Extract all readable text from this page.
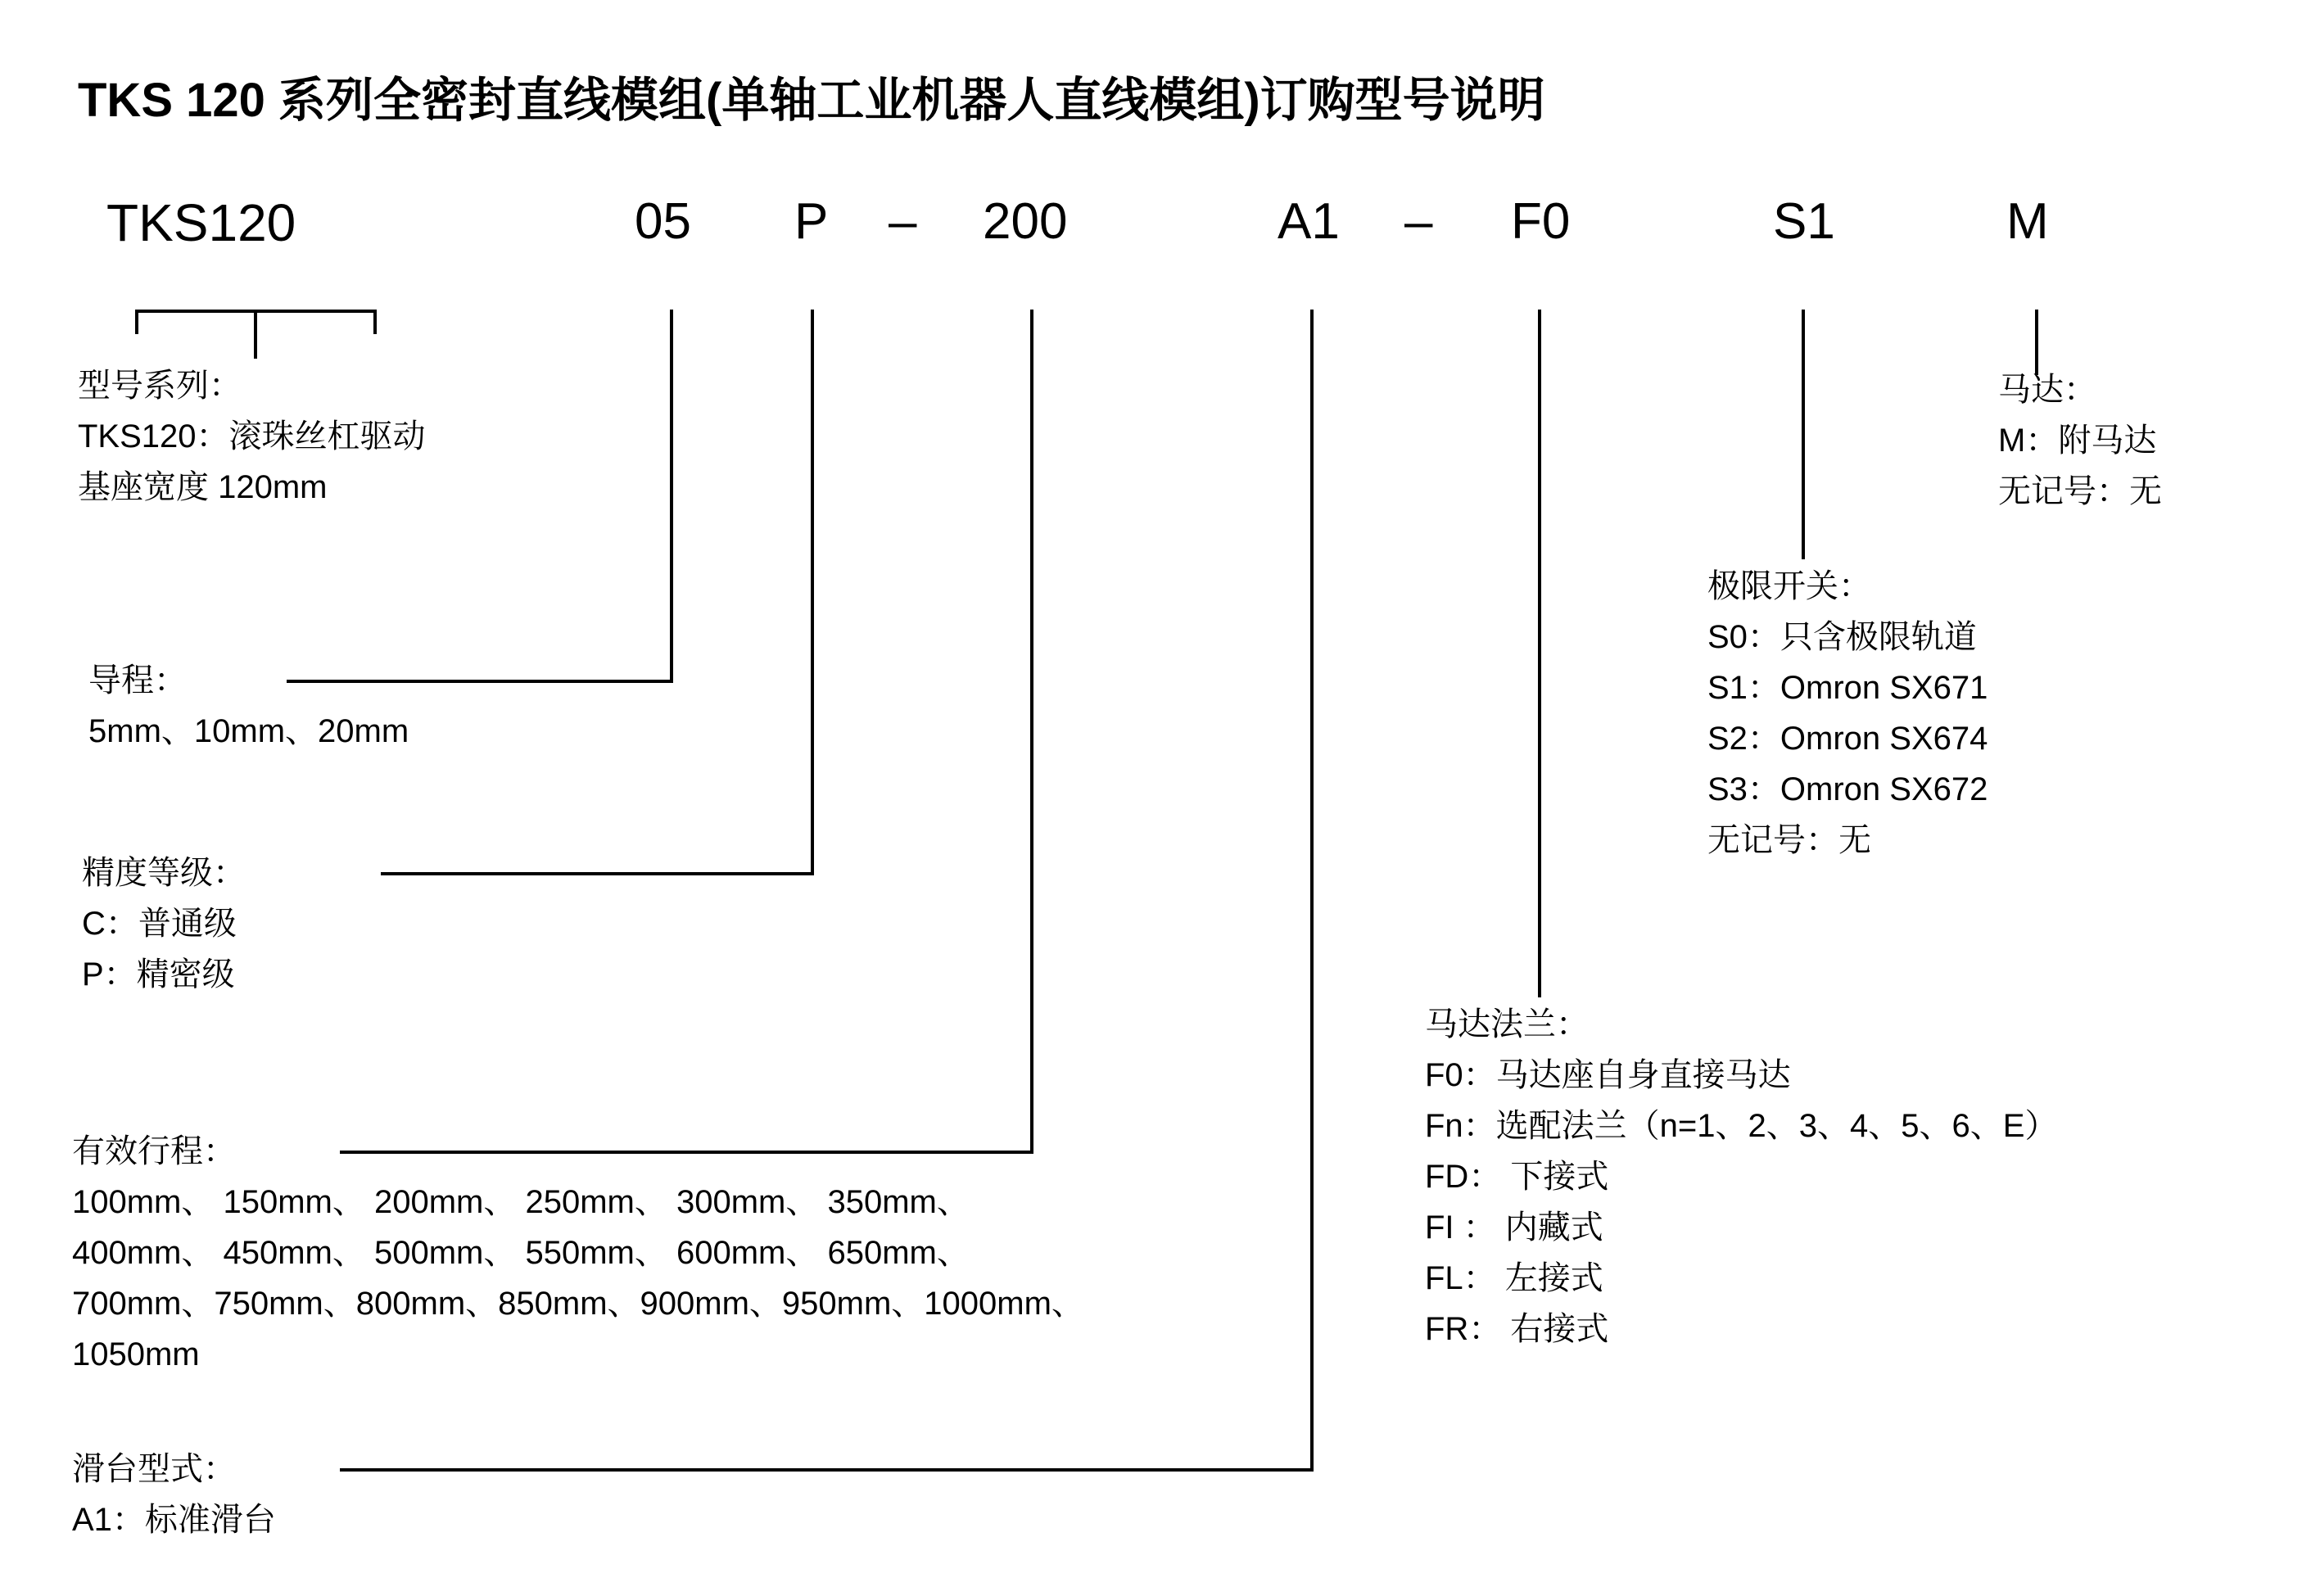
TKS 120 系列全密封直线模组(单轴工业机器人直线模组)订购型号说明
TKS120	05 P – 200	A1 – F0	S1	M
型号系列：
TKS120：滚珠丝杠驱动
基座宽度 120mm
导程：
5mm、10mm、20mm
精度等级：
C：普通级
P：精密级
有效行程：
100mm、 150mm、 200mm、 250mm、 300mm、 350mm、
400mm、 450mm、 500mm、 550mm、 600mm、 650mm、
700mm、750mm、800mm、850mm、900mm、950mm、1000mm、
1050mm
滑台型式：
A1：标准滑台
马达法兰：
F0：马达座自身直接马达
Fn：选配法兰（n=1、2、3、4、5、6、E）
FD： 下接式
FI ： 内藏式
FL： 左接式
FR： 右接式
极限开关：
S0：只含极限轨道
S1：Omron SX671
S2：Omron SX674
S3：Omron SX672
无记号：无
马达：
M：附马达
无记号：无
